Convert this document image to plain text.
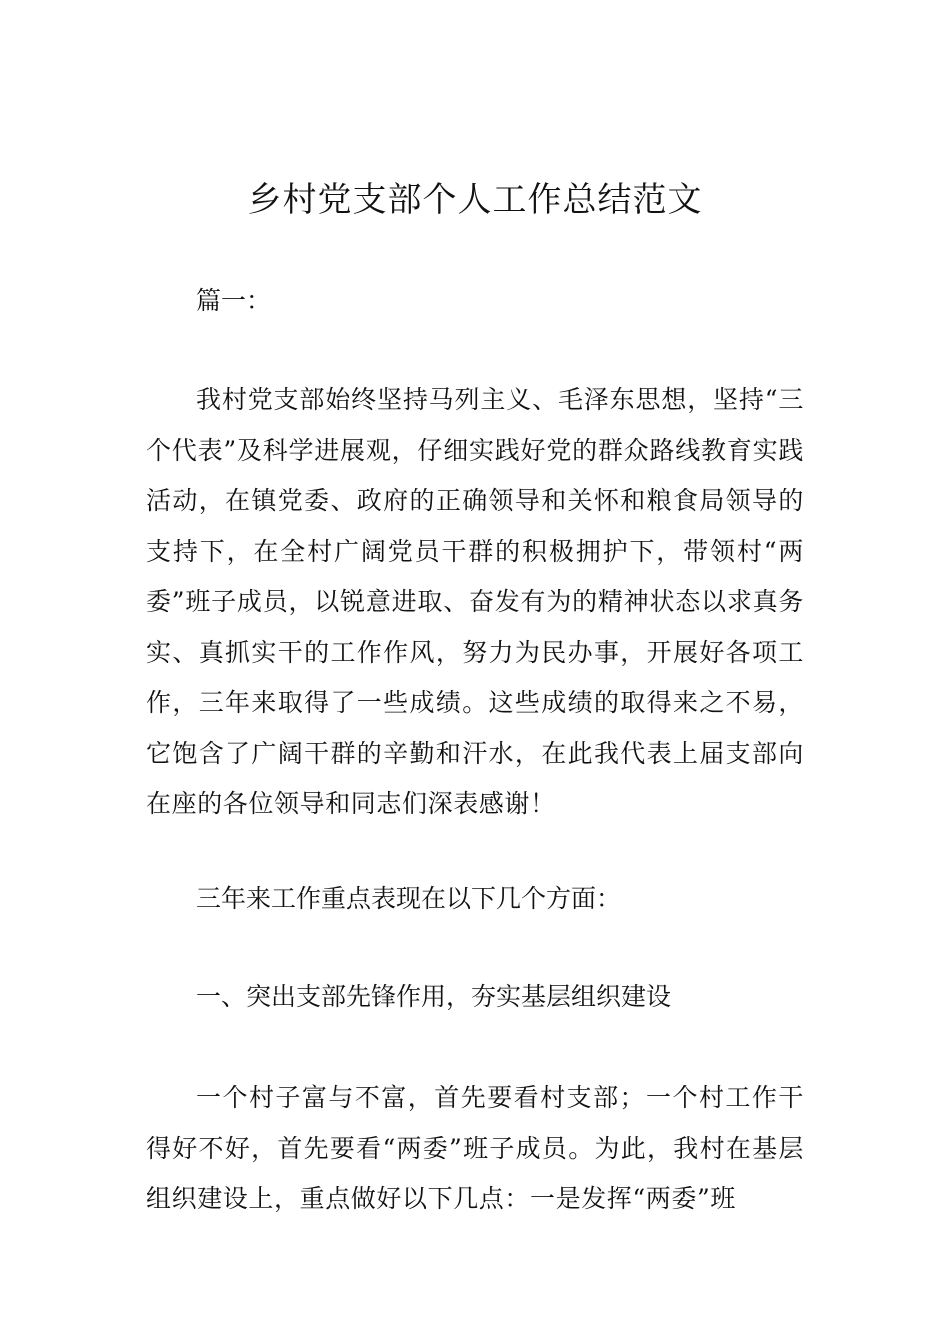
乡村党支部个人工作总结范文
篇一：

我村党支部始终坚持马列主义、毛泽东思想，坚持“三个代表”及科学进展观，仔细实践好党的群众路线教育实践活动，在镇党委、政府的正确领导和关怀和粮食局领导的支持下，在全村广阔党员干群的积极拥护下，带领村“两委”班子成员，以锐意进取、奋发有为的精神状态以求真务实、真抓实干的工作作风，努力为民办事，开展好各项工作，三年来取得了一些成绩。这些成绩的取得来之不易，它饱含了广阔干群的辛勤和汗水，在此我代表上届支部向在座的各位领导和同志们深表感谢！

三年来工作重点表现在以下几个方面：
一、突出支部先锋作用，夯实基层组织建设

一个村子富与不富，首先要看村支部；一个村工作干得好不好，首先要看“两委”班子成员。为此，我村在基层组织建设上，重点做好以下几点：一是发挥“两委”班
